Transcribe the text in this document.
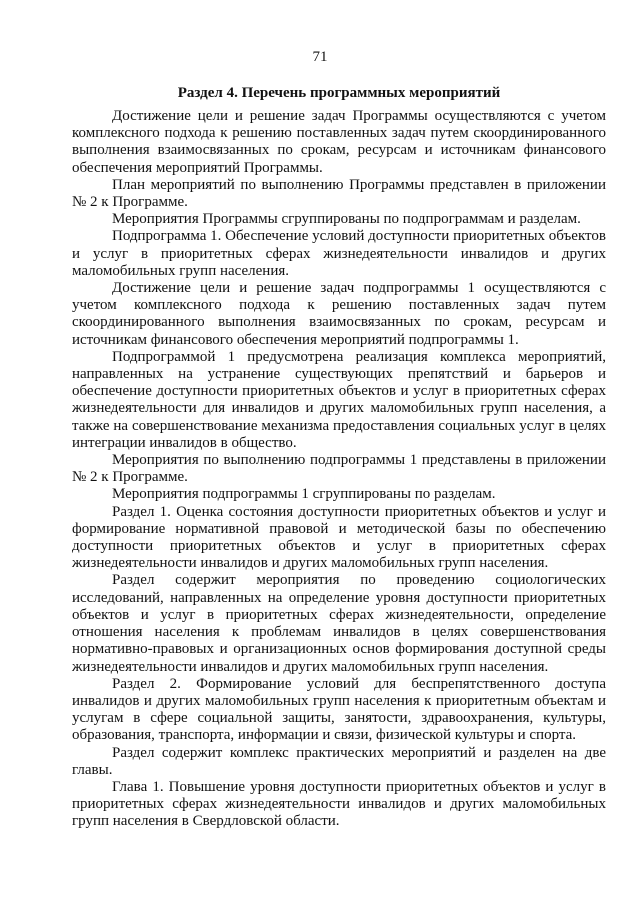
71
Раздел 4. Перечень программных мероприятий

Достижение цели и решение задач Программы осуществляются с учетом комплексного подхода к решению поставленных задач путем скоординированного выполнения взаимосвязанных по срокам, ресурсам и источникам финансового обеспечения мероприятий Программы.

План мероприятий по выполнению Программы представлен в приложении № 2 к Программе.

Мероприятия Программы сгруппированы по подпрограммам и разделам.

Подпрограмма 1. Обеспечение условий доступности приоритетных объектов и услуг в приоритетных сферах жизнедеятельности инвалидов и других маломобильных групп населения.

Достижение цели и решение задач подпрограммы 1 осуществляются с учетом комплексного подхода к решению поставленных задач путем скоординированного выполнения взаимосвязанных по срокам, ресурсам и источникам финансового обеспечения мероприятий подпрограммы 1.

Подпрограммой 1 предусмотрена реализация комплекса мероприятий, направленных на устранение существующих препятствий и барьеров и обеспечение доступности приоритетных объектов и услуг в приоритетных сферах жизнедеятельности для инвалидов и других маломобильных групп населения, а также на совершенствование механизма предоставления социальных услуг в целях интеграции инвалидов в общество.

Мероприятия по выполнению подпрограммы 1 представлены в приложении № 2 к Программе.

Мероприятия подпрограммы 1 сгруппированы по разделам.

Раздел 1. Оценка состояния доступности приоритетных объектов и услуг и формирование нормативной правовой и методической базы по обеспечению доступности приоритетных объектов и услуг в приоритетных сферах жизнедеятельности инвалидов и других маломобильных групп населения.

Раздел содержит мероприятия по проведению социологических исследований, направленных на определение уровня доступности приоритетных объектов и услуг в приоритетных сферах жизнедеятельности, определение отношения населения к проблемам инвалидов в целях совершенствования нормативно-правовых и организационных основ формирования доступной среды жизнедеятельности инвалидов и других маломобильных групп населения.

Раздел 2. Формирование условий для беспрепятственного доступа инвалидов и других маломобильных групп населения к приоритетным объектам и услугам в сфере социальной защиты, занятости, здравоохранения, культуры, образования, транспорта, информации и связи, физической культуры и спорта.

Раздел содержит комплекс практических мероприятий и разделен на две главы.

Глава 1. Повышение уровня доступности приоритетных объектов и услуг в приоритетных сферах жизнедеятельности инвалидов и других маломобильных групп населения в Свердловской области.
